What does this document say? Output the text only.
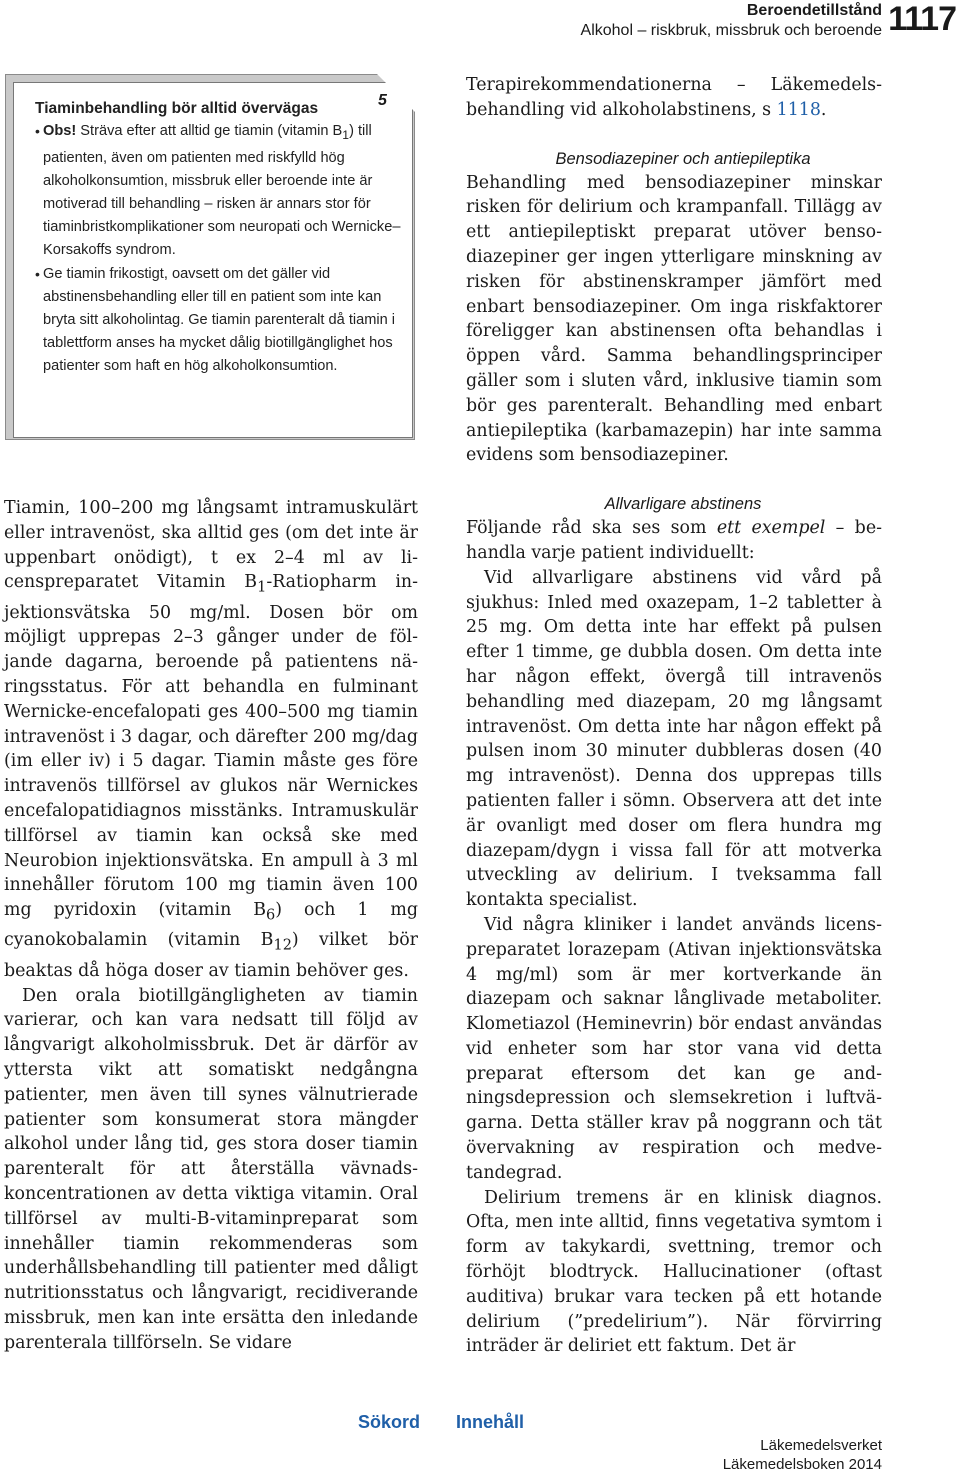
Beroendetillstånd
Alkohol – riskbruk, missbruk och beroende 1117
5
Tiaminbehandling bör alltid övervägas
• Obs! Sträva efter att alltid ge tiamin (vitamin $B_1$) till patienten, även om patienten med riskfylld hög alkoholkonsumtion, missbruk eller beroende inte är motiverad till behandling – risken är annars stor för tiaminbristkomplikationer som neuropati och Wernicke–Korsakoffs syndrom.
• Ge tiamin frikostigt, oavsett om det gäller vid abstinensbehandling eller till en patient som inte kan bryta sitt alkoholintag. Ge tiamin parenteralt då tiamin i tablettform anses ha mycket dålig biotillgänglighet hos patienter som haft en hög alkoholkonsumtion.

Tiamin, 100–200 mg långsamt intramuskulärt eller intravenöst, ska alltid ges (om det inte är uppenbart onödigt), t ex 2–4 ml av licenspreparatet Vitamin $B_1$-Ratiopharm injektionsvätska 50 mg/ml. Dosen bör om möjligt upprepas 2–3 gånger under de följande dagarna, beroende på patientens näringsstatus. För att behandla en fulminant Wernicke-encefalopati ges 400–500 mg tiamin intravenöst i 3 dagar, och därefter 200 mg/dag (im eller iv) i 5 dagar. Tiamin måste ges före intravenös tillförsel av glukos när Wernickes encefalopatidiagnos misstänks. Intramuskulär tillförsel av tiamin kan också ske med Neurobion injektionsvätska. En ampull à 3 ml innehåller förutom 100 mg tiamin även 100 mg pyridoxin (vitamin $B_6$) och 1 mg cyanokobalamin (vitamin $B_{12}$) vilket bör beaktas då höga doser av tiamin behöver ges.

Den orala biotillgängligheten av tiamin varierar, och kan vara nedsatt till följd av långvarigt alkoholmissbruk. Det är därför av yttersta vikt att somatiskt nedgångna patienter, men även till synes välnutrierade patienter som konsumerat stora mängder alkohol under lång tid, ges stora doser tiamin parenteralt för att återställa vävnadskoncentrationen av detta viktiga vitamin. Oral tillförsel av multi-B-vitaminpreparat som innehåller tiamin rekommenderas som underhållsbehandling till patienter med dåligt nutritionsstatus och långvarigt, recidiverande missbruk, men kan inte ersätta den inledande parenterala tillförseln. Se vidare

Terapirekommendationerna – Läkemedelsbehandling vid alkoholabstinens, s 1118.

Bensodiazepiner och antiepileptika

Behandling med bensodiazepiner minskar risken för delirium och krampanfall. Tillägg av ett antiepileptiskt preparat utöver bensodiazepiner ger ingen ytterligare minskning av risken för abstinenskramper jämfört med enbart bensodiazepiner. Om inga riskfaktorer föreligger kan abstinensen ofta behandlas i öppen vård. Samma behandlingsprinciper gäller som i sluten vård, inklusive tiamin som bör ges parenteralt. Behandling med enbart antiepileptika (karbamazepin) har inte samma evidens som bensodiazepiner.

Allvarligare abstinens

Följande råd ska ses som ett exempel – behandla varje patient individuellt:

Vid allvarligare abstinens vid vård på sjukhus: Inled med oxazepam, 1–2 tabletter à 25 mg. Om detta inte har effekt på pulsen efter 1 timme, ge dubbla dosen. Om detta inte har någon effekt, övergå till intravenös behandling med diazepam, 20 mg långsamt intravenöst. Om detta inte har någon effekt på pulsen inom 30 minuter dubbleras dosen (40 mg intravenöst). Denna dos upprepas tills patienten faller i sömn. Observera att det inte är ovanligt med doser om flera hundra mg diazepam/dygn i vissa fall för att motverka utveckling av delirium. I tveksamma fall kontakta specialist.

Vid några kliniker i landet används licenspreparatet lorazepam (Ativan injektionsvätska 4 mg/ml) som är mer kortverkande än diazepam och saknar långlivade metaboliter. Klometiazol (Heminevrin) bör endast användas vid enheter som har stor vana vid detta preparat eftersom det kan ge andningsdepression och slemsekretion i luftvägarna. Detta ställer krav på noggrann och tät övervakning av respiration och medvetandegrad.

Delirium tremens är en klinisk diagnos. Ofta, men inte alltid, finns vegetativa symtom i form av takykardi, svettning, tremor och förhöjt blodtryck. Hallucinationer (oftast auditiva) brukar vara tecken på ett hotande delirium (”predelirium”). När förvirring inträder är deliriet ett faktum. Det är

Sökord Innehåll
Läkemedelsverket
Läkemedelsboken 2014
